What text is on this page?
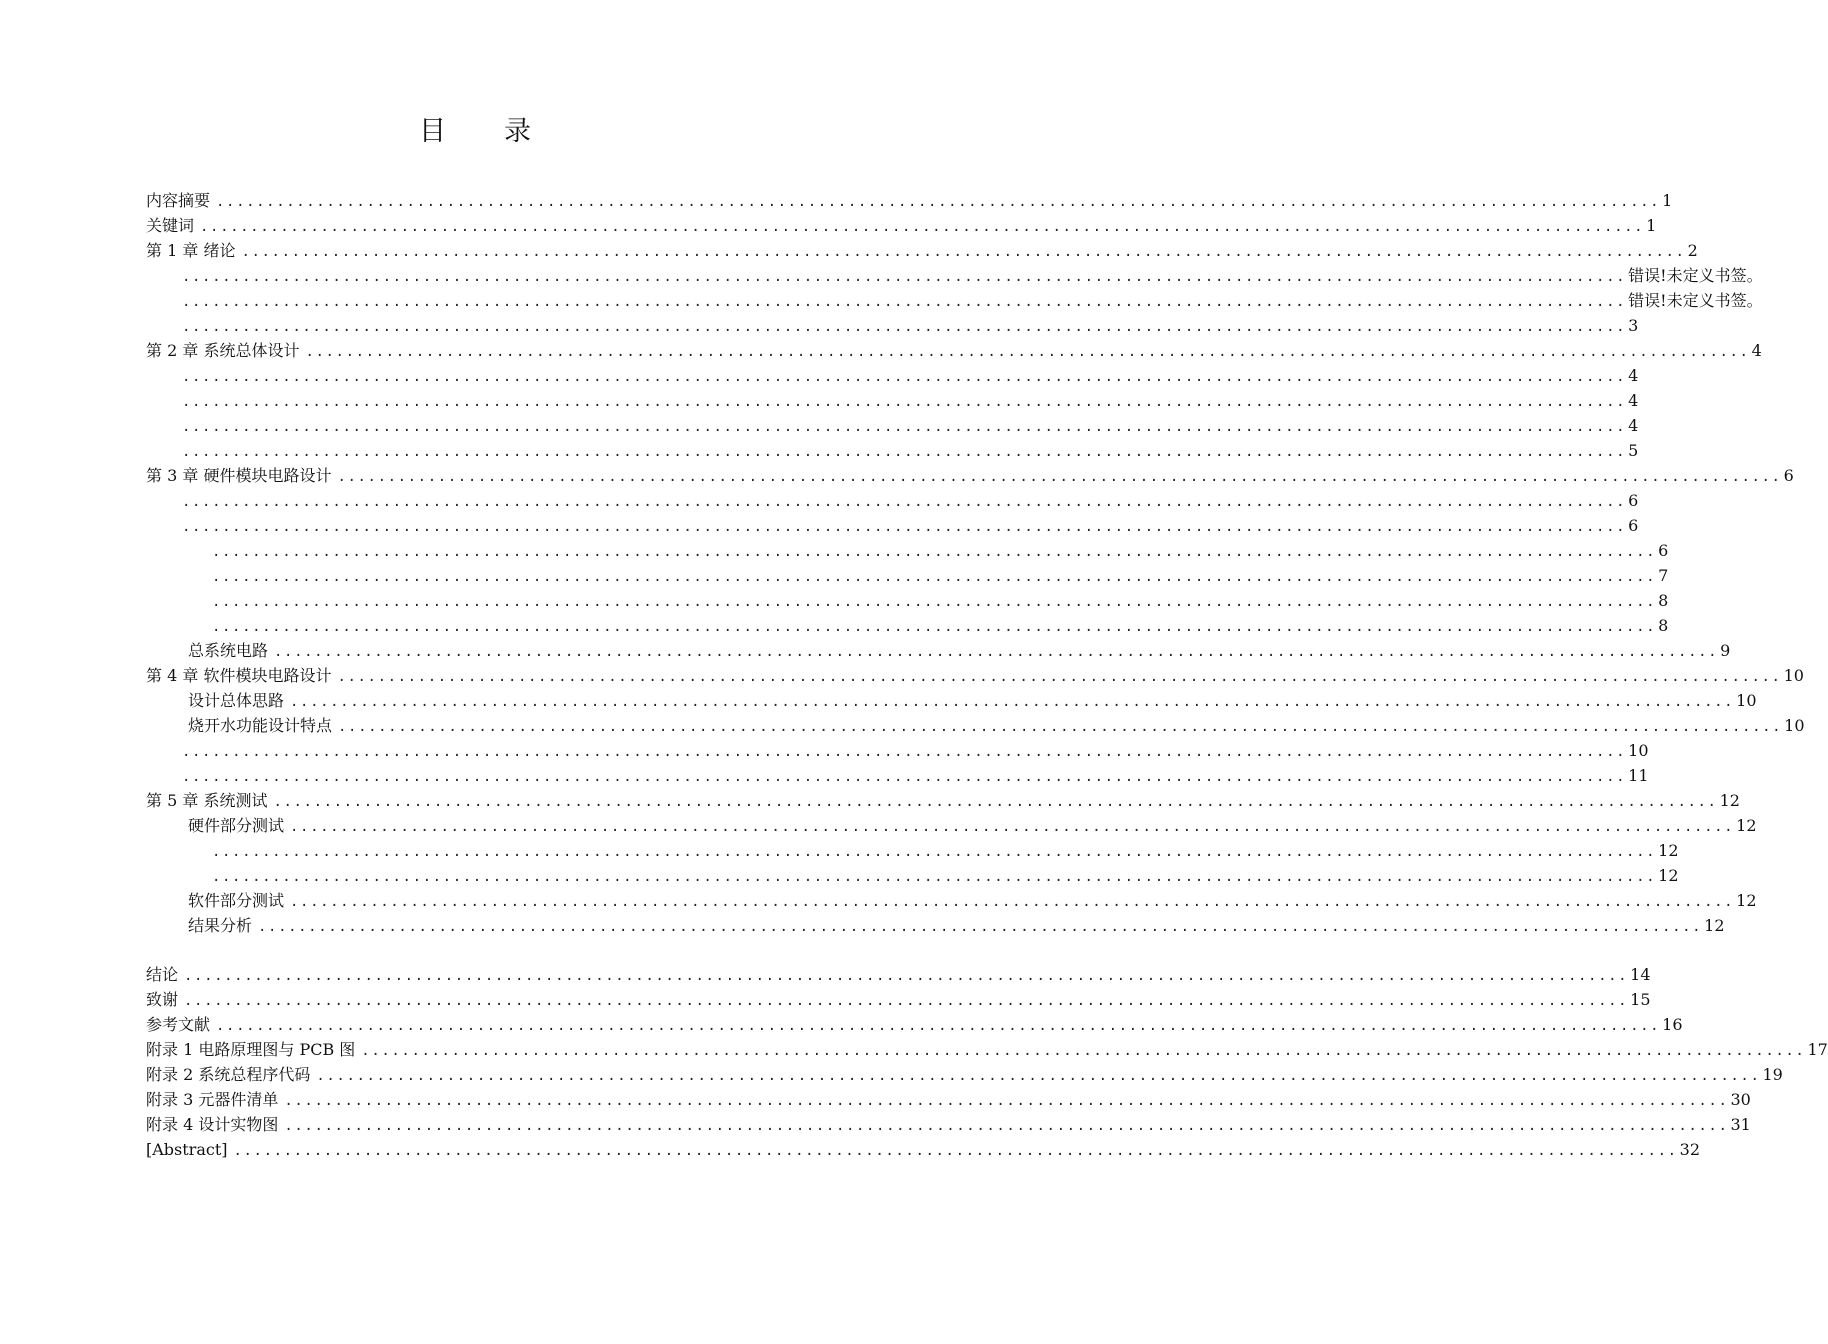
目 录
内容摘要 ................................................................................................................................................ 1
关键词 ................................................................................................................................................ 1
第 1 章 绪论 ................................................................................................................................................ 2
................................................................................................................................................ 错误!未定义书签。
................................................................................................................................................ 错误!未定义书签。
................................................................................................................................................ 3
第 2 章 系统总体设计 ................................................................................................................................................ 4
................................................................................................................................................ 4
................................................................................................................................................ 4
................................................................................................................................................ 4
................................................................................................................................................ 5
第 3 章 硬件模块电路设计 ................................................................................................................................................ 6
................................................................................................................................................ 6
................................................................................................................................................ 6
................................................................................................................................................ 6
................................................................................................................................................ 7
................................................................................................................................................ 8
................................................................................................................................................ 8
总系统电路 ................................................................................................................................................ 9
第 4 章 软件模块电路设计 ................................................................................................................................................ 10
设计总体思路 ................................................................................................................................................ 10
烧开水功能设计特点 ................................................................................................................................................ 10
................................................................................................................................................ 10
................................................................................................................................................ 11
第 5 章 系统测试 ................................................................................................................................................ 12
硬件部分测试 ................................................................................................................................................ 12
................................................................................................................................................ 12
................................................................................................................................................ 12
软件部分测试 ................................................................................................................................................ 12
结果分析 ................................................................................................................................................ 12
结论 ................................................................................................................................................ 14
致谢 ................................................................................................................................................ 15
参考文献 ................................................................................................................................................ 16
附录 1 电路原理图与 PCB 图 ................................................................................................................................................ 17
附录 2 系统总程序代码 ................................................................................................................................................ 19
附录 3 元器件清单 ................................................................................................................................................ 30
附录 4 设计实物图 ................................................................................................................................................ 31
[Abstract] ................................................................................................................................................ 32
